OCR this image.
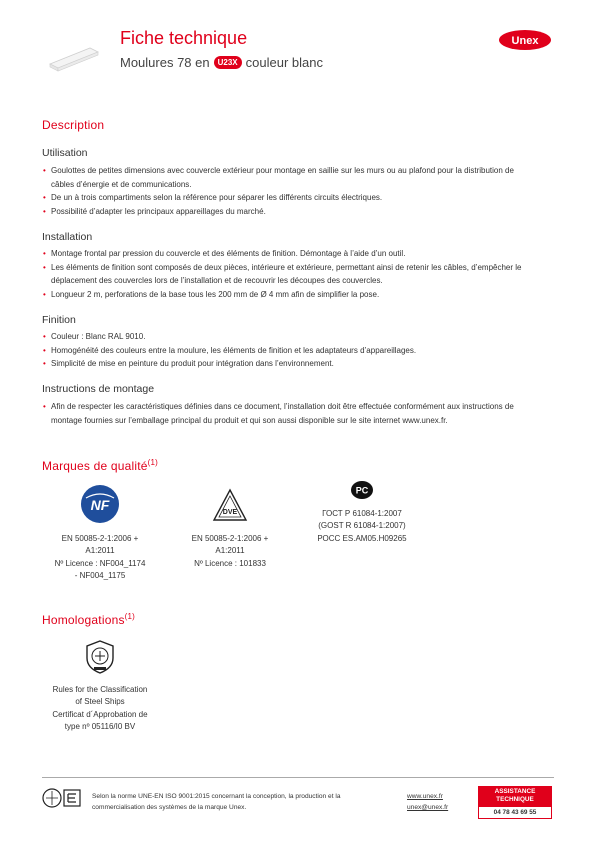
Fiche technique
Moulures 78 en	U23X couleur blanc
Unex
Description
Utilisation
• Goulottes de petites dimensions avec couvercle extérieur pour montage en saillie sur les murs ou au plafond pour la distribution de câbles d’énergie et de communications.
• De un à trois compartiments selon la référence pour séparer les différents circuits électriques.
• Possibilité d’adapter les principaux appareillages du marché.
Installation
• Montage frontal par pression du couvercle et des éléments de finition. Démontage à l’aide d’un outil.
• Les éléments de finition sont composés de deux pièces, intérieure et extérieure, permettant ainsi de retenir les câbles, d’empêcher le déplacement des couvercles lors de l’installation et de recouvrir les découpes des couvercles.
• Longueur 2 m, perforations de la base tous les 200 mm de Ø 4 mm afin de simplifier la pose.
Finition
• Couleur : Blanc RAL 9010.
• Homogénéité des couleurs entre la moulure, les éléments de finition et les adaptateurs d’appareillages.
• Simplicité de mise en peinture du produit pour intégration dans l’environnement.
Instructions de montage
• Afin de respecter les caractéristiques définies dans ce document, l’installation doit être effectuée conformément aux instructions de montage fournies sur l’emballage principal du produit et qui son aussi disponible sur le site internet www.unex.fr.
Marques de qualité$^{(1)}$
NF
EN 50085-2-1:2006 +
A1:2011
Nº Licence : NF004_1174
- NF004_1175
DVE
EN 50085-2-1:2006 +
A1:2011
Nº Licence : 101833
PC
ГОСТ Р 61084-1:2007
(GOST R 61084-1:2007)
РОСС ES.AM05.H09265
Homologations$^{(1)}$
Rules for the Classification
of Steel Ships
Certificat d´Approbation de
type nº 05116/I0 BV
Selon la norme UNE-EN ISO 9001:2015 concernant la conception, la production et la commercialisation des systèmes de la marque Unex.
www.unex.fr
unex@unex.fr
ASSISTANCE TECHNIQUE
04 78 43 69 55
